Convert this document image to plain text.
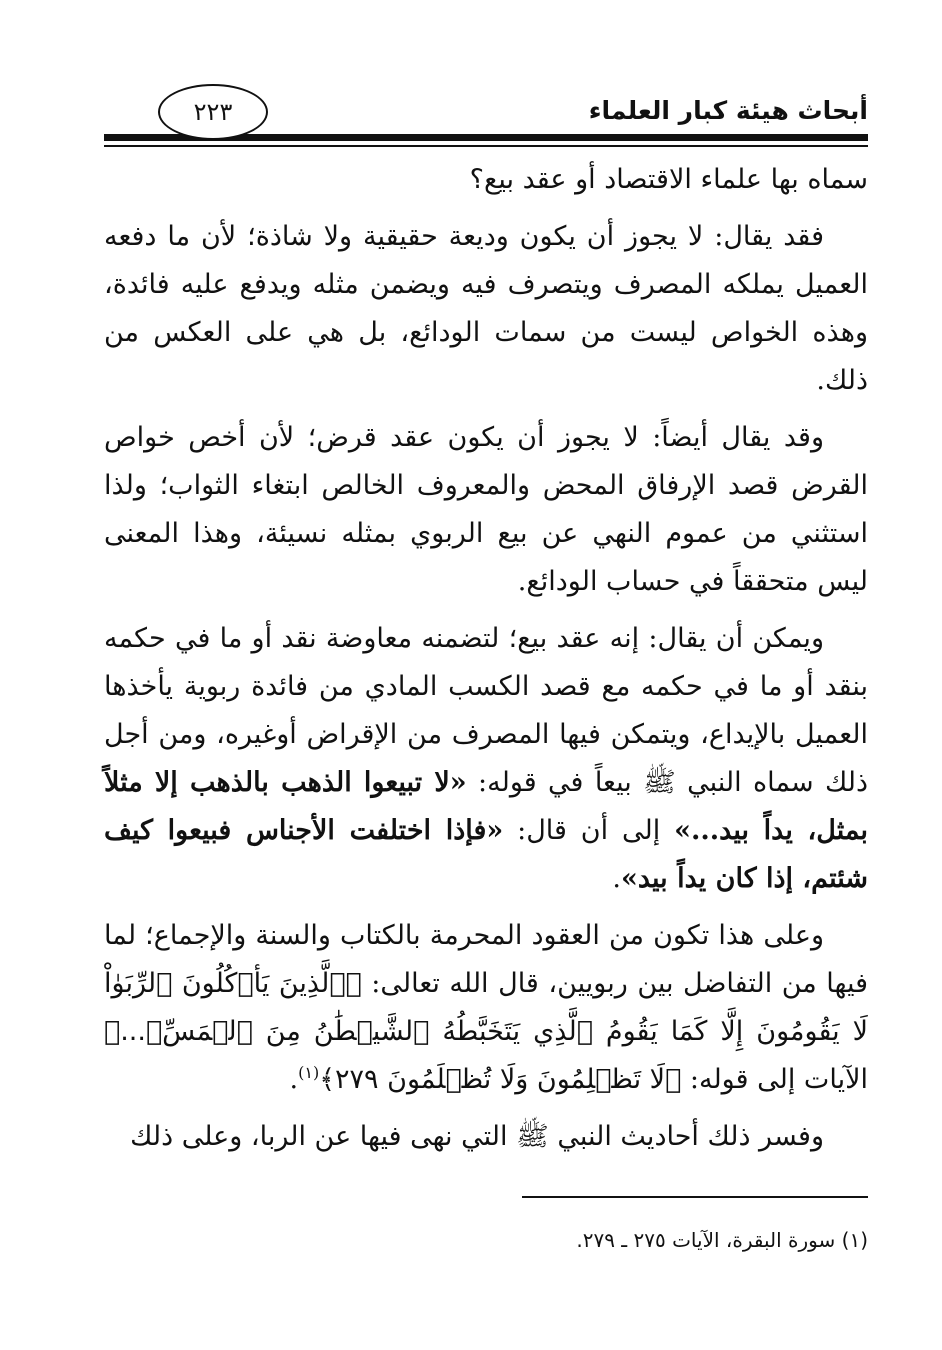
أبحاث هيئة كبار العلماء
٢٢٣

سماه بها علماء الاقتصاد أو عقد بيع؟

فقد يقال: لا يجوز أن يكون وديعة حقيقية ولا شاذة؛ لأن ما دفعه العميل يملكه المصرف ويتصرف فيه ويضمن مثله ويدفع عليه فائدة، وهذه الخواص ليست من سمات الودائع، بل هي على العكس من ذلك.

وقد يقال أيضاً: لا يجوز أن يكون عقد قرض؛ لأن أخص خواص القرض قصد الإرفاق المحض والمعروف الخالص ابتغاء الثواب؛ ولذا استثني من عموم النهي عن بيع الربوي بمثله نسيئة، وهذا المعنى ليس متحققاً في حساب الودائع.

ويمكن أن يقال: إنه عقد بيع؛ لتضمنه معاوضة نقد أو ما في حكمه بنقد أو ما في حكمه مع قصد الكسب المادي من فائدة ربوية يأخذها العميل بالإيداع، ويتمكن فيها المصرف من الإقراض أوغيره، ومن أجل ذلك سماه النبي ﷺ بيعاً في قوله: «لا تبيعوا الذهب بالذهب إلا مثلاً بمثل، يداً بيد...» إلى أن قال: «فإذا اختلفت الأجناس فبيعوا كيف شئتم، إذا كان يداً بيد».

وعلى هذا تكون من العقود المحرمة بالكتاب والسنة والإجماع؛ لما فيها من التفاضل بين ربويين، قال الله تعالى: ﴿ٱلَّذِينَ يَأۡكُلُونَ ٱلرِّبَوٰاْ لَا يَقُومُونَ إِلَّا كَمَا يَقُومُ ٱلَّذِي يَتَخَبَّطُهُ ٱلشَّيۡطَٰنُ مِنَ ٱلۡمَسِّۚ...﴾ الآيات إلى قوله: ﴿لَا تَظۡلِمُونَ وَلَا تُظۡلَمُونَ ٢٧٩﴾$^{(١)}$.

وفسر ذلك أحاديث النبي ﷺ التي نهى فيها عن الربا، وعلى ذلك

(١) سورة البقرة، الآيات ٢٧٥ ـ ٢٧٩.
